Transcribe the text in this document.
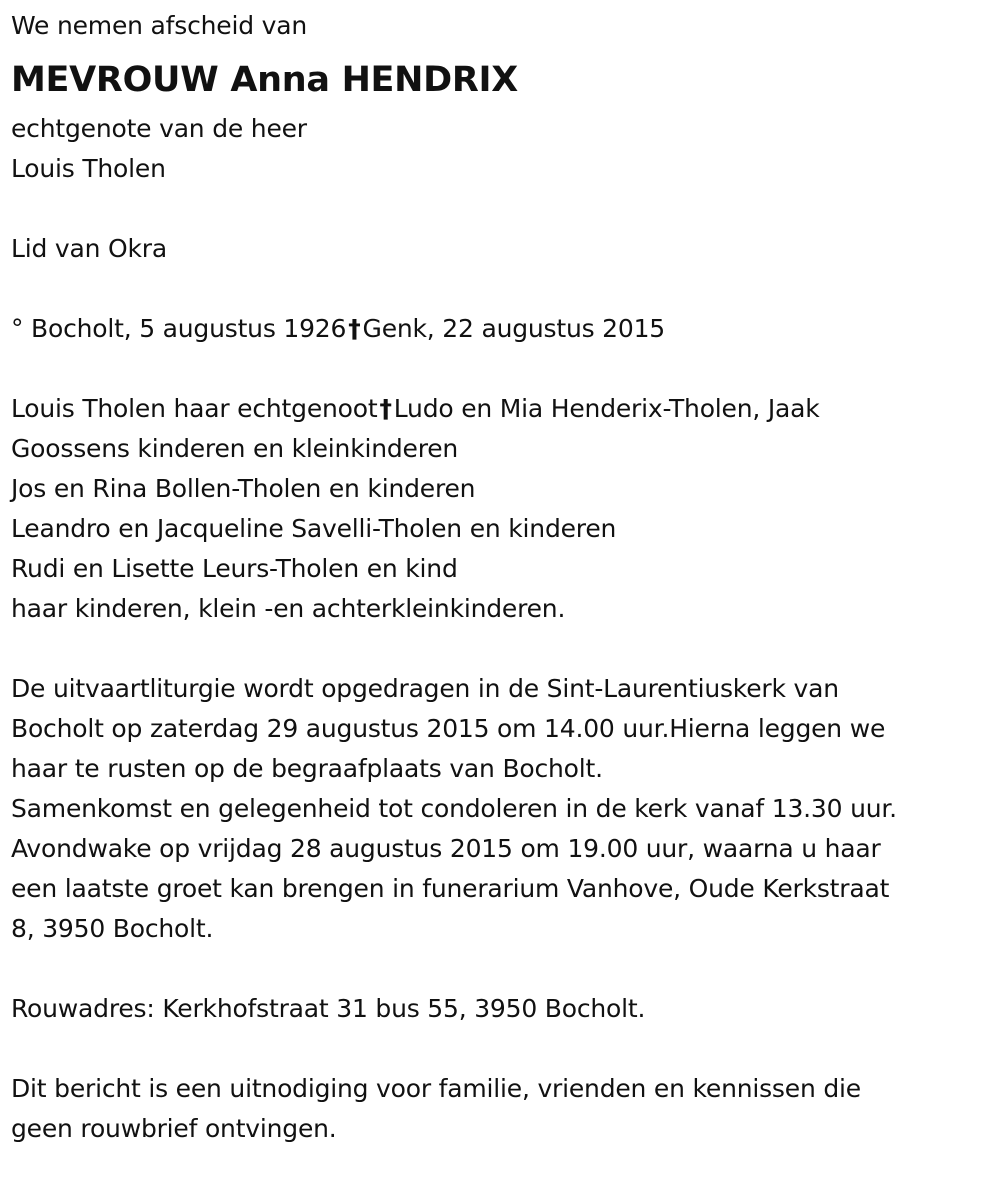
We nemen afscheid van
MEVROUW Anna HENDRIX
echtgenote van de heer
Louis Tholen
Lid van Okra
° Bocholt, 5 augustus 1926†Genk, 22 augustus 2015
Louis Tholen haar echtgenoot†Ludo en Mia Henderix-Tholen, Jaak
Goossens kinderen en kleinkinderen
Jos en Rina Bollen-Tholen en kinderen
Leandro en Jacqueline Savelli-Tholen en kinderen
Rudi en Lisette Leurs-Tholen en kind
haar kinderen, klein -en achterkleinkinderen.
De uitvaartliturgie wordt opgedragen in de Sint-Laurentiuskerk van
Bocholt op zaterdag 29 augustus 2015 om 14.00 uur.Hierna leggen we
haar te rusten op de begraafplaats van Bocholt.
Samenkomst en gelegenheid tot condoleren in de kerk vanaf 13.30 uur.
Avondwake op vrijdag 28 augustus 2015 om 19.00 uur, waarna u haar
een laatste groet kan brengen in funerarium Vanhove, Oude Kerkstraat
8, 3950 Bocholt.
Rouwadres: Kerkhofstraat 31 bus 55, 3950 Bocholt.
Dit bericht is een uitnodiging voor familie, vrienden en kennissen die
geen rouwbrief ontvingen.
